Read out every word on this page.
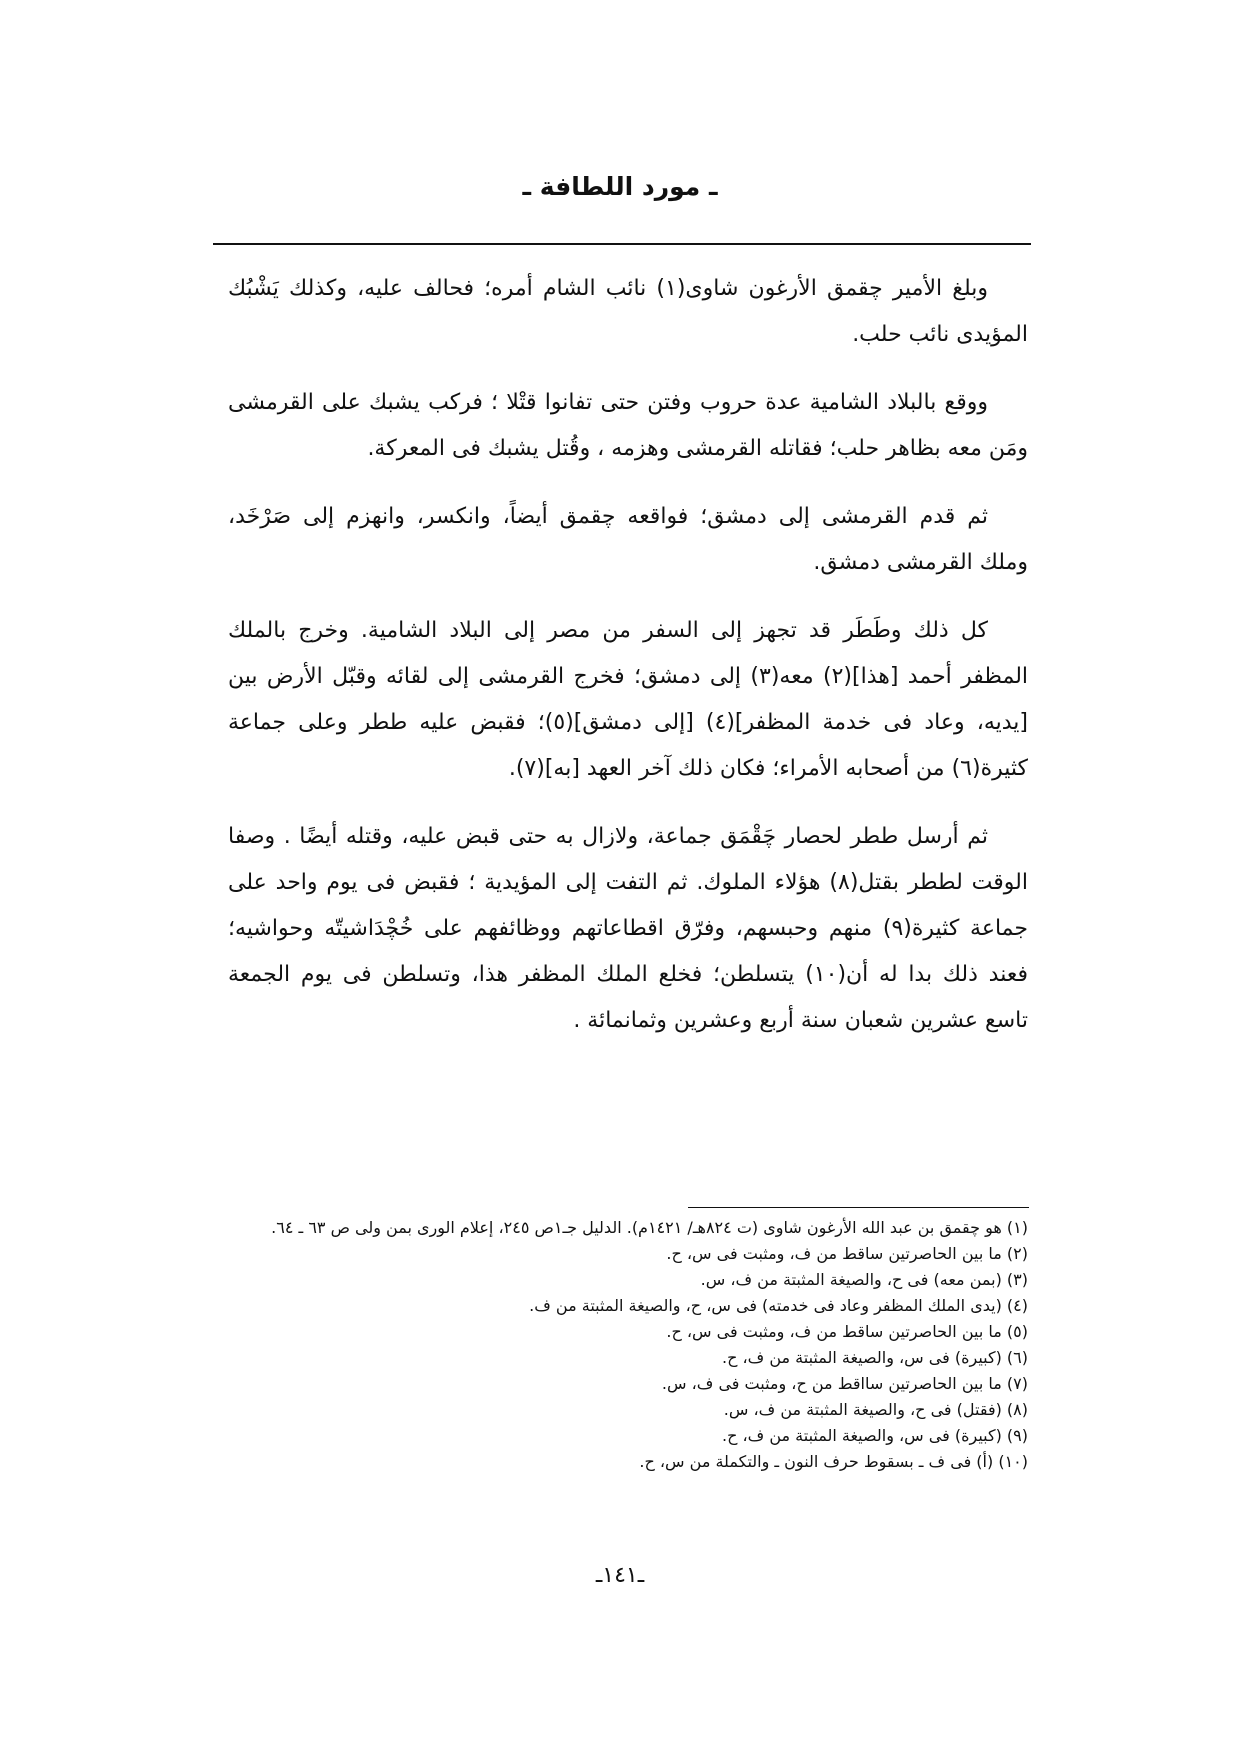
ـ مورد اللطافة ـ

وبلغ الأمير چقمق الأرغون شاوى(١) نائب الشام أمره؛ فحالف عليه، وكذلك يَشْبُك المؤيدى نائب حلب.

ووقع بالبلاد الشامية عدة حروب وفتن حتى تفانوا قتْلا ؛ فركب يشبك على القرمشى ومَن معه بظاهر حلب؛ فقاتله القرمشى وهزمه ، وقُتل يشبك فى المعركة.

ثم قدم القرمشى إلى دمشق؛ فواقعه چقمق أيضاً، وانكسر، وانهزم إلى صَرْخَد، وملك القرمشى دمشق.

كل ذلك وطَطَر قد تجهز إلى السفر من مصر إلى البلاد الشامية. وخرج بالملك المظفر أحمد [هذا](٢) معه(٣) إلى دمشق؛ فخرج القرمشى إلى لقائه وقبّل الأرض بين [يديه، وعاد فى خدمة المظفر](٤) [إلى دمشق](٥)؛ فقبض عليه ططر وعلى جماعة كثيرة(٦) من أصحابه الأمراء؛ فكان ذلك آخر العهد [به](٧).

ثم أرسل ططر لحصار چَقْمَق جماعة، ولازال به حتى قبض عليه، وقتله أيضًا . وصفا الوقت لططر بقتل(٨) هؤلاء الملوك. ثم التفت إلى المؤيدية ؛ فقبض فى يوم واحد على جماعة كثيرة(٩) منهم وحبسهم، وفرّق اقطاعاتهم ووظائفهم على خُچْدَاشيتّه وحواشيه؛ فعند ذلك بدا له أن(١٠) يتسلطن؛ فخلع الملك المظفر هذا، وتسلطن فى يوم الجمعة تاسع عشرين شعبان سنة أربع وعشرين وثمانمائة .

(١) هو چقمق بن عبد الله الأرغون شاوى (ت ٨٢٤هـ/ ١٤٢١م). الدليل جـ١ص ٢٤٥، إعلام الورى بمن ولى ص ٦٣ ـ ٦٤.

(٢) ما بين الحاصرتين ساقط من ف، ومثبت فى س، ح.

(٣) (بمن معه) فى ح، والصيغة المثبتة من ف، س.

(٤) (يدى الملك المظفر وعاد فى خدمته) فى س، ح، والصيغة المثبتة من ف.

(٥) ما بين الحاصرتين ساقط من ف، ومثبت فى س، ح.

(٦) (كبيرة) فى س، والصيغة المثبتة من ف، ح.

(٧) ما بين الحاصرتين سااقط من ح، ومثبت فى ف، س.

(٨) (فقتل) فى ح، والصيغة المثبتة من ف، س.

(٩) (كبيرة) فى س، والصيغة المثبتة من ف، ح.

(١٠) (أ) فى ف ـ بسقوط حرف النون ـ والتكملة من س، ح.

ـ١٤١ـ
